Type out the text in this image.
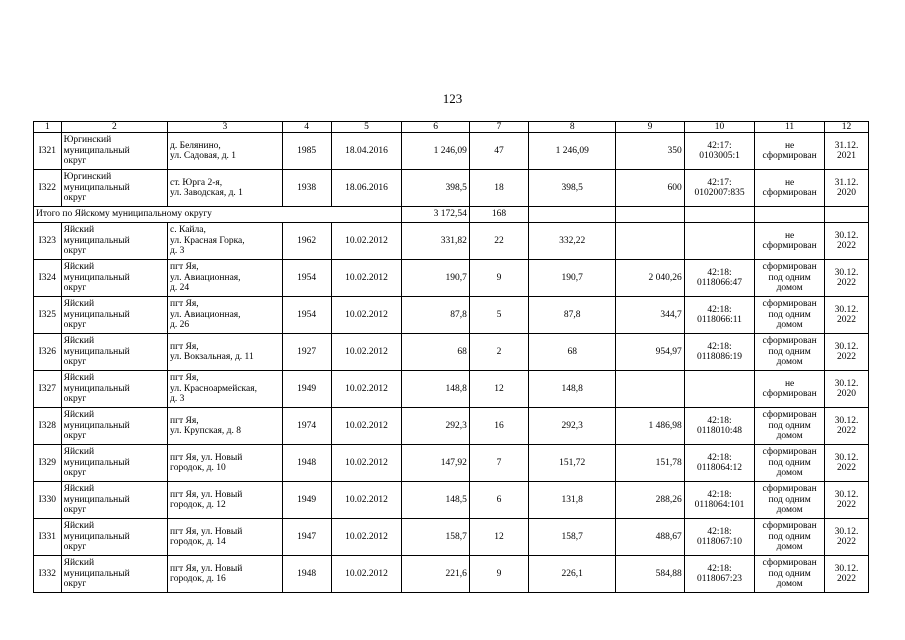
123
1	2	3	4	5	6	7	8	9	10	11	12
I321	Юргинский
муниципальный
округ	д. Белянино,
ул. Садовая, д. 1	1985	18.04.2016	1 246,09	47	1 246,09	350	42:17:
0103005:1	не
сформирован	31.12.
2021
I322	Юргинский
муниципальный
округ	ст. Юрга 2-я,
ул. Заводская, д. 1	1938	18.06.2016	398,5	18	398,5	600	42:17:
0102007:835	не
сформирован	31.12.
2020
Итого по Яйскому муниципальному округу					3 172,54	168					
I323	Яйский
муниципальный
округ	с. Кайла,
ул. Красная Горка,
д. 3	1962	10.02.2012	331,82	22	332,22			не
сформирован	30.12.
2022
I324	Яйский
муниципальный
округ	пгт Яя,
ул. Авиационная,
д. 24	1954	10.02.2012	190,7	9	190,7	2 040,26	42:18:
0118066:47	сформирован
под одним
домом	30.12.
2022
I325	Яйский
муниципальный
округ	пгт Яя,
ул. Авиационная,
д. 26	1954	10.02.2012	87,8	5	87,8	344,7	42:18:
0118066:11	сформирован
под одним
домом	30.12.
2022
I326	Яйский
муниципальный
округ	пгт Яя,
ул. Вокзальная, д. 11	1927	10.02.2012	68	2	68	954,97	42:18:
0118086:19	сформирован
под одним
домом	30.12.
2022
I327	Яйский
муниципальный
округ	пгт Яя,
ул. Красноармейская,
д. 3	1949	10.02.2012	148,8	12	148,8			не
сформирован	30.12.
2020
I328	Яйский
муниципальный
округ	пгт Яя,
ул. Крупская, д. 8	1974	10.02.2012	292,3	16	292,3	1 486,98	42:18:
0118010:48	сформирован
под одним
домом	30.12.
2022
I329	Яйский
муниципальный
округ	пгт Яя, ул. Новый
городок, д. 10	1948	10.02.2012	147,92	7	151,72	151,78	42:18:
0118064:12	сформирован
под одним
домом	30.12.
2022
I330	Яйский
муниципальный
округ	пгт Яя, ул. Новый
городок, д. 12	1949	10.02.2012	148,5	6	131,8	288,26	42:18:
0118064:101	сформирован
под одним
домом	30.12.
2022
I331	Яйский
муниципальный
округ	пгт Яя, ул. Новый
городок, д. 14	1947	10.02.2012	158,7	12	158,7	488,67	42:18:
0118067:10	сформирован
под одним
домом	30.12.
2022
I332	Яйский
муниципальный
округ	пгт Яя, ул. Новый
городок, д. 16	1948	10.02.2012	221,6	9	226,1	584,88	42:18:
0118067:23	сформирован
под одним
домом	30.12.
2022
